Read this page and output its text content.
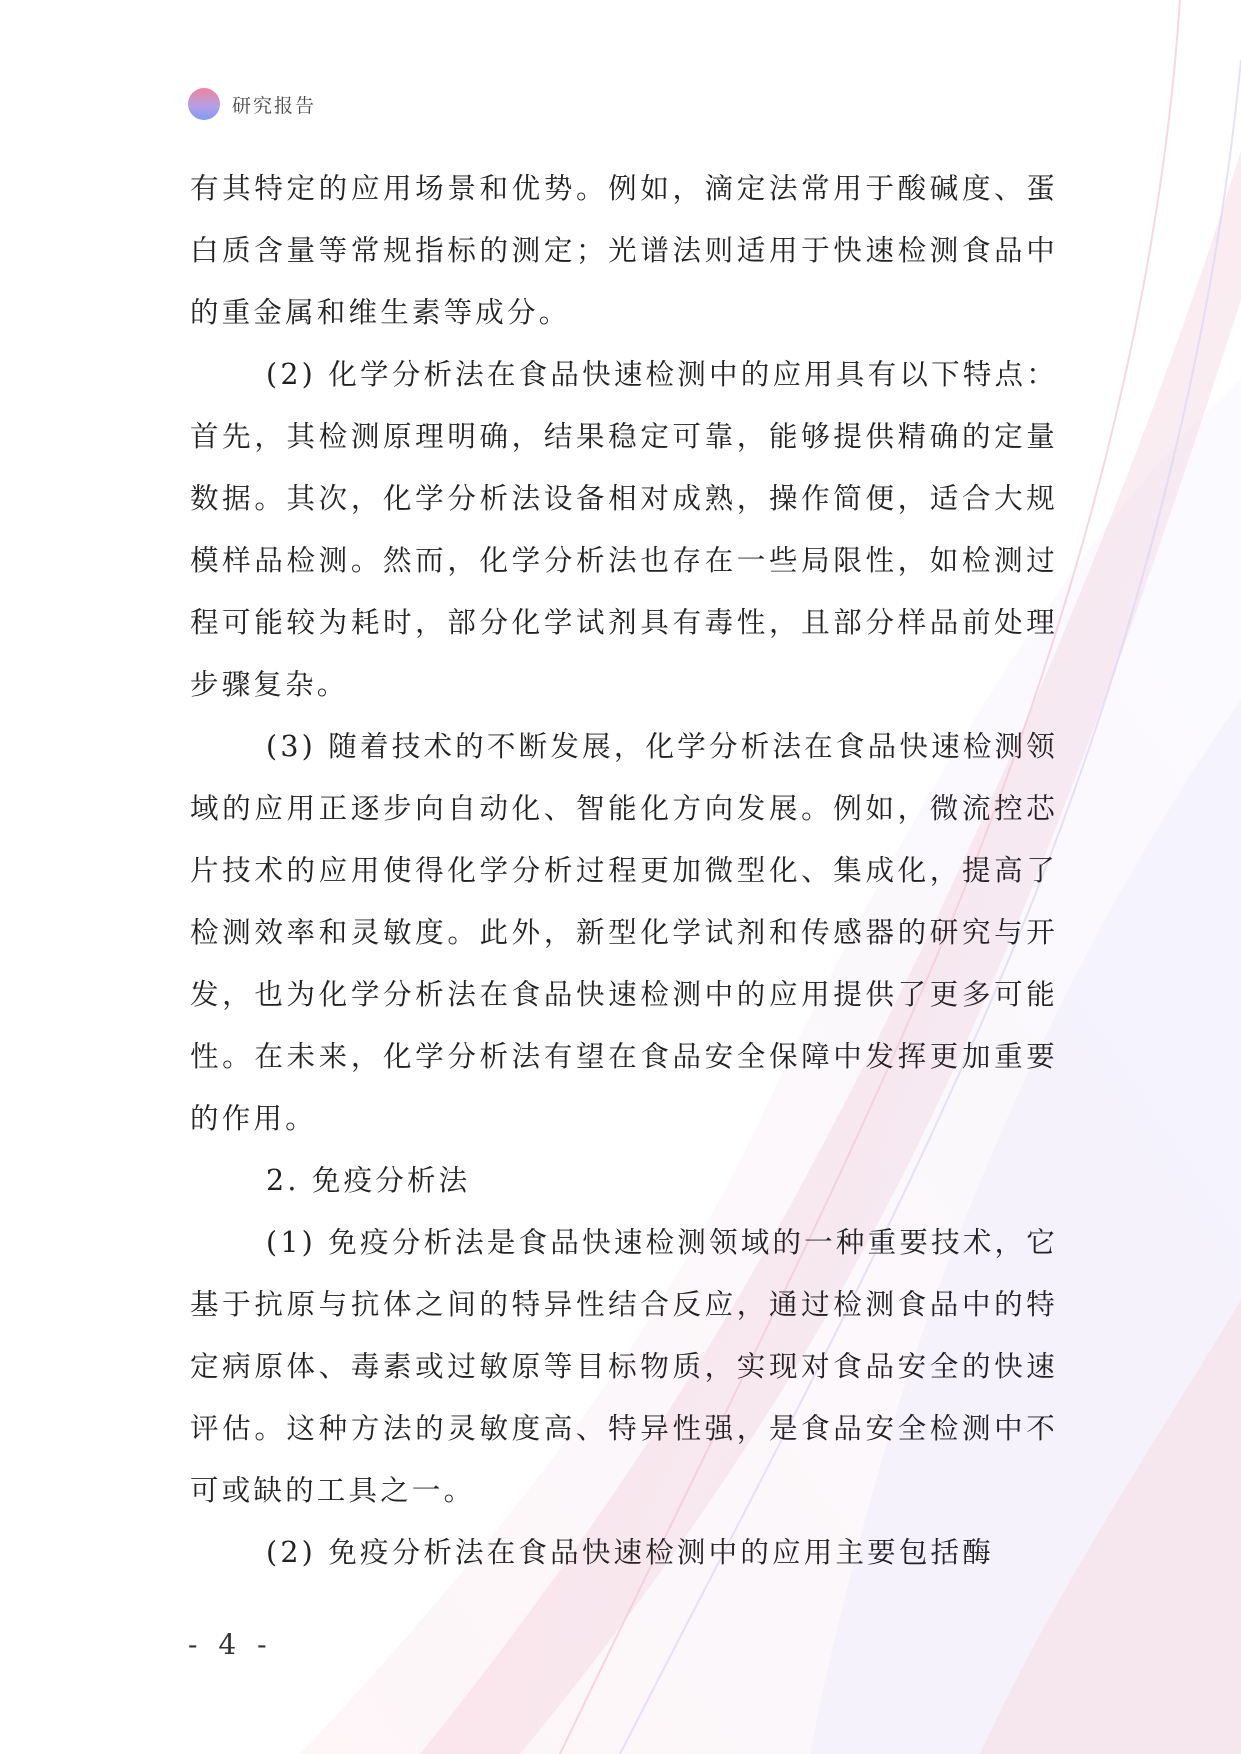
研究报告

有其特定的应用场景和优势。例如，滴定法常用于酸碱度、蛋白质含量等常规指标的测定；光谱法则适用于快速检测食品中的重金属和维生素等成分。

(2) 化学分析法在食品快速检测中的应用具有以下特点：首先，其检测原理明确，结果稳定可靠，能够提供精确的定量数据。其次，化学分析法设备相对成熟，操作简便，适合大规模样品检测。然而，化学分析法也存在一些局限性，如检测过程可能较为耗时，部分化学试剂具有毒性，且部分样品前处理步骤复杂。

(3) 随着技术的不断发展，化学分析法在食品快速检测领域的应用正逐步向自动化、智能化方向发展。例如，微流控芯片技术的应用使得化学分析过程更加微型化、集成化，提高了检测效率和灵敏度。此外，新型化学试剂和传感器的研究与开发，也为化学分析法在食品快速检测中的应用提供了更多可能性。在未来，化学分析法有望在食品安全保障中发挥更加重要的作用。

2. 免疫分析法

(1) 免疫分析法是食品快速检测领域的一种重要技术，它基于抗原与抗体之间的特异性结合反应，通过检测食品中的特定病原体、毒素或过敏原等目标物质，实现对食品安全的快速评估。这种方法的灵敏度高、特异性强，是食品安全检测中不可或缺的工具之一。

(2) 免疫分析法在食品快速检测中的应用主要包括酶

- 4 -
